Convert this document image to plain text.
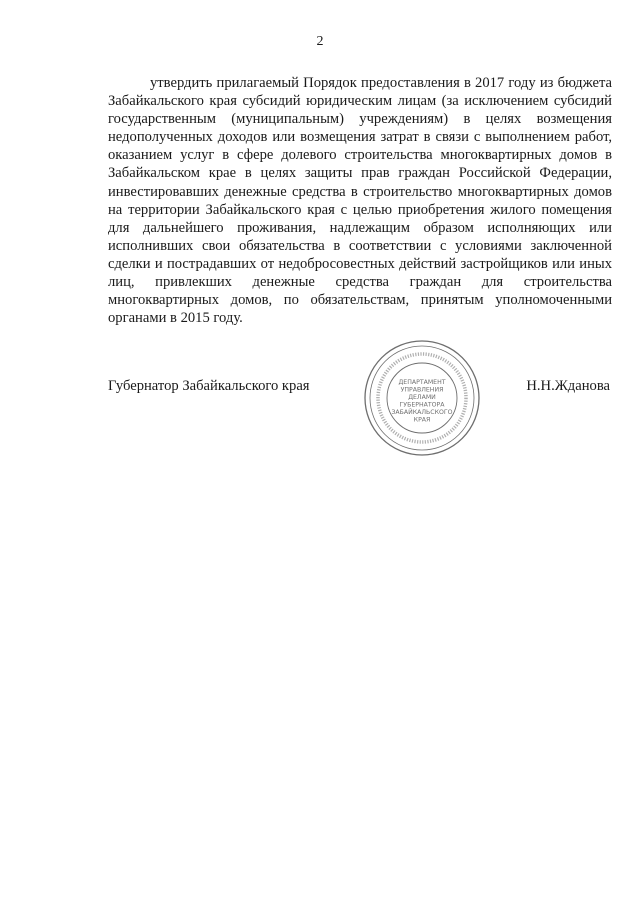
2

утвердить прилагаемый Порядок предоставления в 2017 году из бюджета Забайкальского края субсидий юридическим лицам (за исключением субсидий государственным (муниципальным) учреждениям) в целях возмещения недополученных доходов или возмещения затрат в связи с выполнением работ, оказанием услуг в сфере долевого строительства многоквартирных домов в Забайкальском крае в целях защиты прав граждан Российской Федерации, инвестировавших денежные средства в строительство многоквартирных домов на территории Забайкальского края с целью приобретения жилого помещения для дальнейшего проживания, надлежащим образом исполняющих или исполнивших свои обязательства в соответствии с условиями заключенной сделки и пострадавших от недобросовестных действий застройщиков или иных лиц, привлекших денежные средства граждан для строительства многоквартирных домов, по обязательствам, принятым уполномоченными органами в 2015 году.

Губернатор Забайкальского края	ДЕПАРТАМЕНТ
УПРАВЛЕНИЯ
ДЕЛАМИ
ГУБЕРНАТОРА
ЗАБАЙКАЛЬСКОГО
КРАЯ
Н.Н.Жданова
